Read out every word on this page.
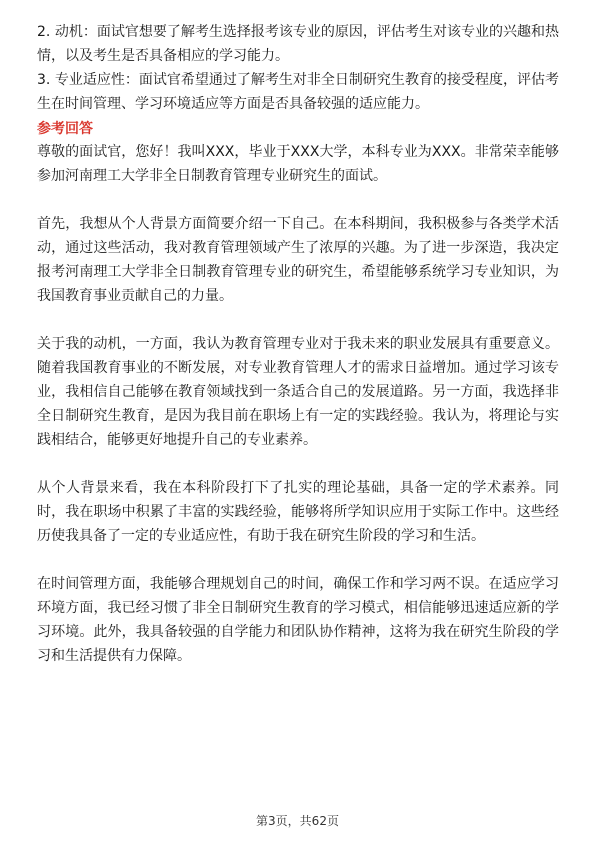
2. 动机：面试官想要了解考生选择报考该专业的原因，评估考生对该专业的兴趣和热情，以及考生是否具备相应的学习能力。

3. 专业适应性：面试官希望通过了解考生对非全日制研究生教育的接受程度，评估考生在时间管理、学习环境适应等方面是否具备较强的适应能力。

参考回答

尊敬的面试官，您好！我叫XXX，毕业于XXX大学，本科专业为XXX。非常荣幸能够参加河南理工大学非全日制教育管理专业研究生的面试。

首先，我想从个人背景方面简要介绍一下自己。在本科期间，我积极参与各类学术活动，通过这些活动，我对教育管理领域产生了浓厚的兴趣。为了进一步深造，我决定报考河南理工大学非全日制教育管理专业的研究生，希望能够系统学习专业知识，为我国教育事业贡献自己的力量。

关于我的动机，一方面，我认为教育管理专业对于我未来的职业发展具有重要意义。随着我国教育事业的不断发展，对专业教育管理人才的需求日益增加。通过学习该专业，我相信自己能够在教育领域找到一条适合自己的发展道路。另一方面，我选择非全日制研究生教育，是因为我目前在职场上有一定的实践经验。我认为，将理论与实践相结合，能够更好地提升自己的专业素养。

从个人背景来看，我在本科阶段打下了扎实的理论基础，具备一定的学术素养。同时，我在职场中积累了丰富的实践经验，能够将所学知识应用于实际工作中。这些经历使我具备了一定的专业适应性，有助于我在研究生阶段的学习和生活。

在时间管理方面，我能够合理规划自己的时间，确保工作和学习两不误。在适应学习环境方面，我已经习惯了非全日制研究生教育的学习模式，相信能够迅速适应新的学习环境。此外，我具备较强的自学能力和团队协作精神，这将为我在研究生阶段的学习和生活提供有力保障。

第3页，共62页
